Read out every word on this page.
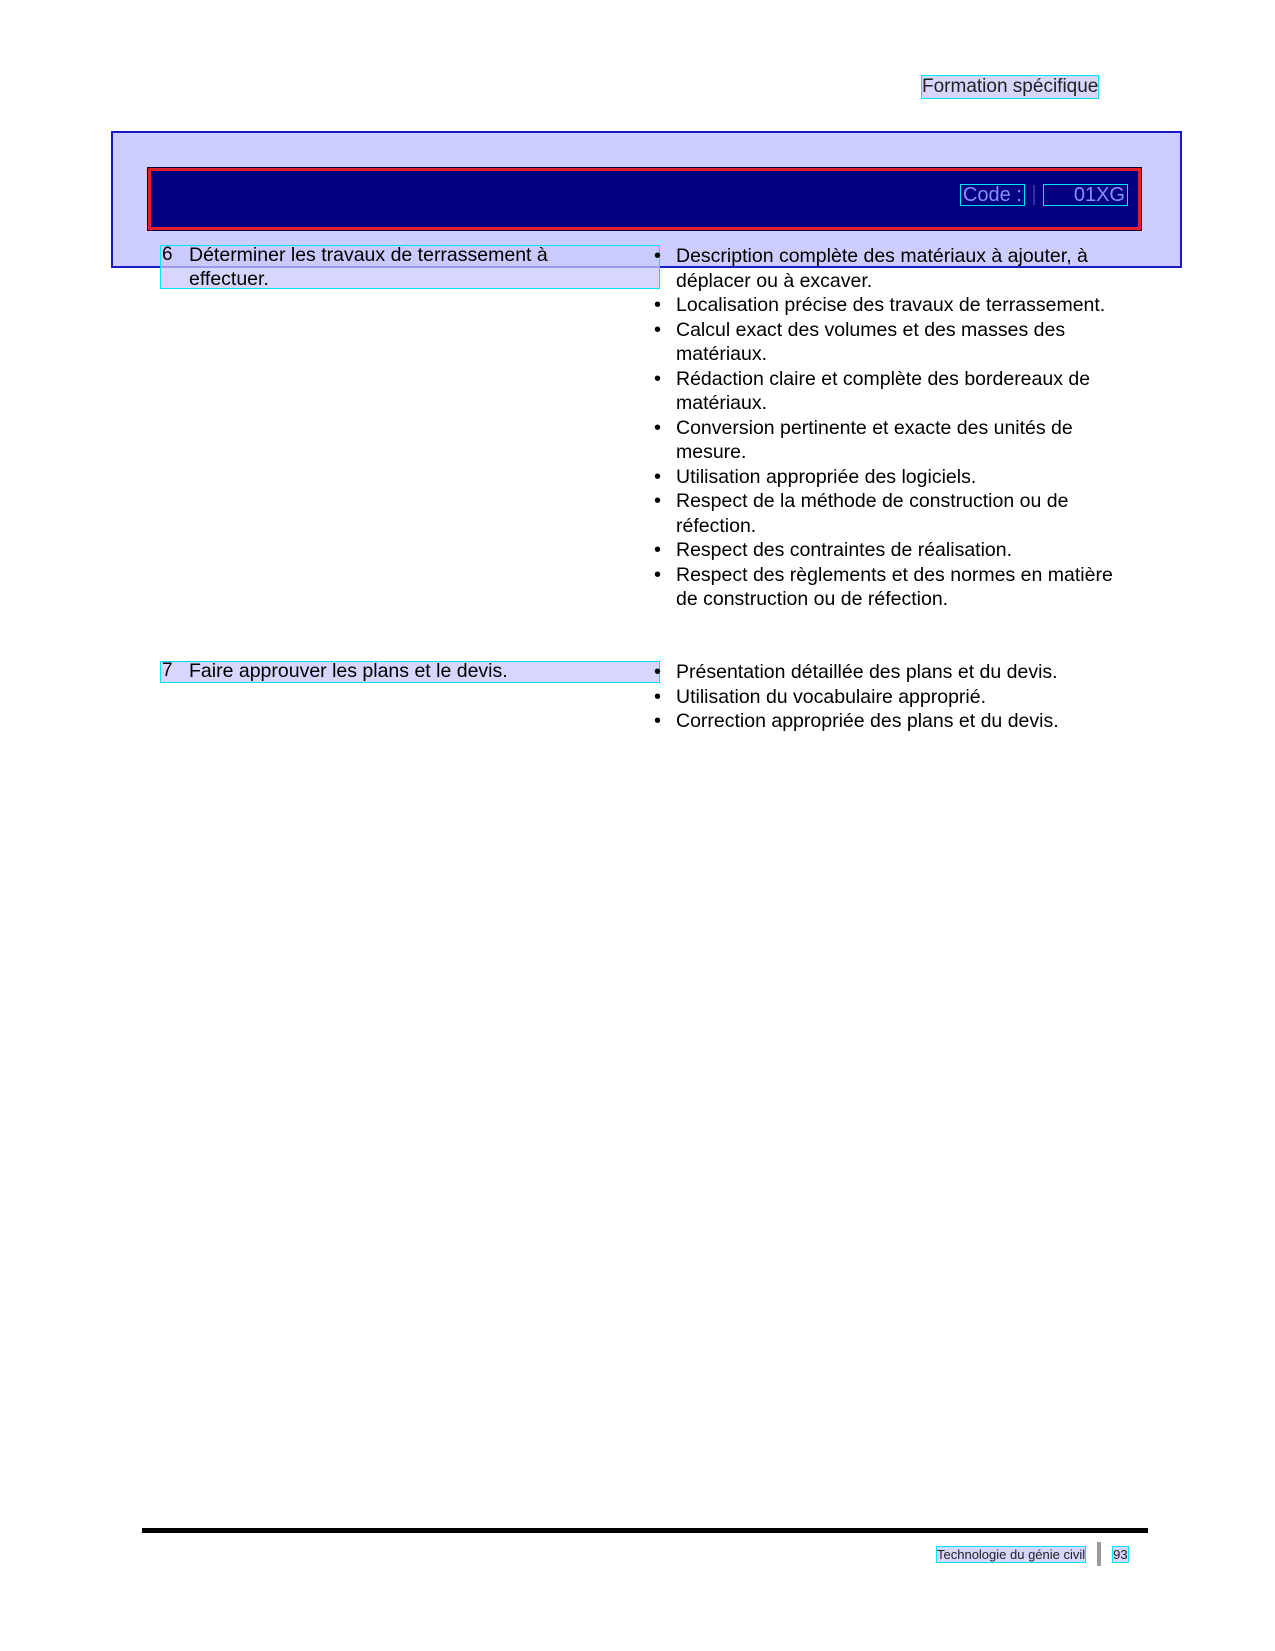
Formation spécifique
Code :	01XG
6 Déterminer les travaux de terrassement à
effectuer.
• Description complète des matériaux à ajouter, à déplacer ou à excaver.
• Localisation précise des travaux de terrassement.
• Calcul exact des volumes et des masses des matériaux.
• Rédaction claire et complète des bordereaux de matériaux.
• Conversion pertinente et exacte des unités de mesure.
• Utilisation appropriée des logiciels.
• Respect de la méthode de construction ou de réfection.
• Respect des contraintes de réalisation.
• Respect des règlements et des normes en matière de construction ou de réfection.
7 Faire approuver les plans et le devis.
•	Présentation détaillée des plans et du devis.
• Utilisation du vocabulaire approprié.
• Correction appropriée des plans et du devis.
Technologie du génie civil 93
